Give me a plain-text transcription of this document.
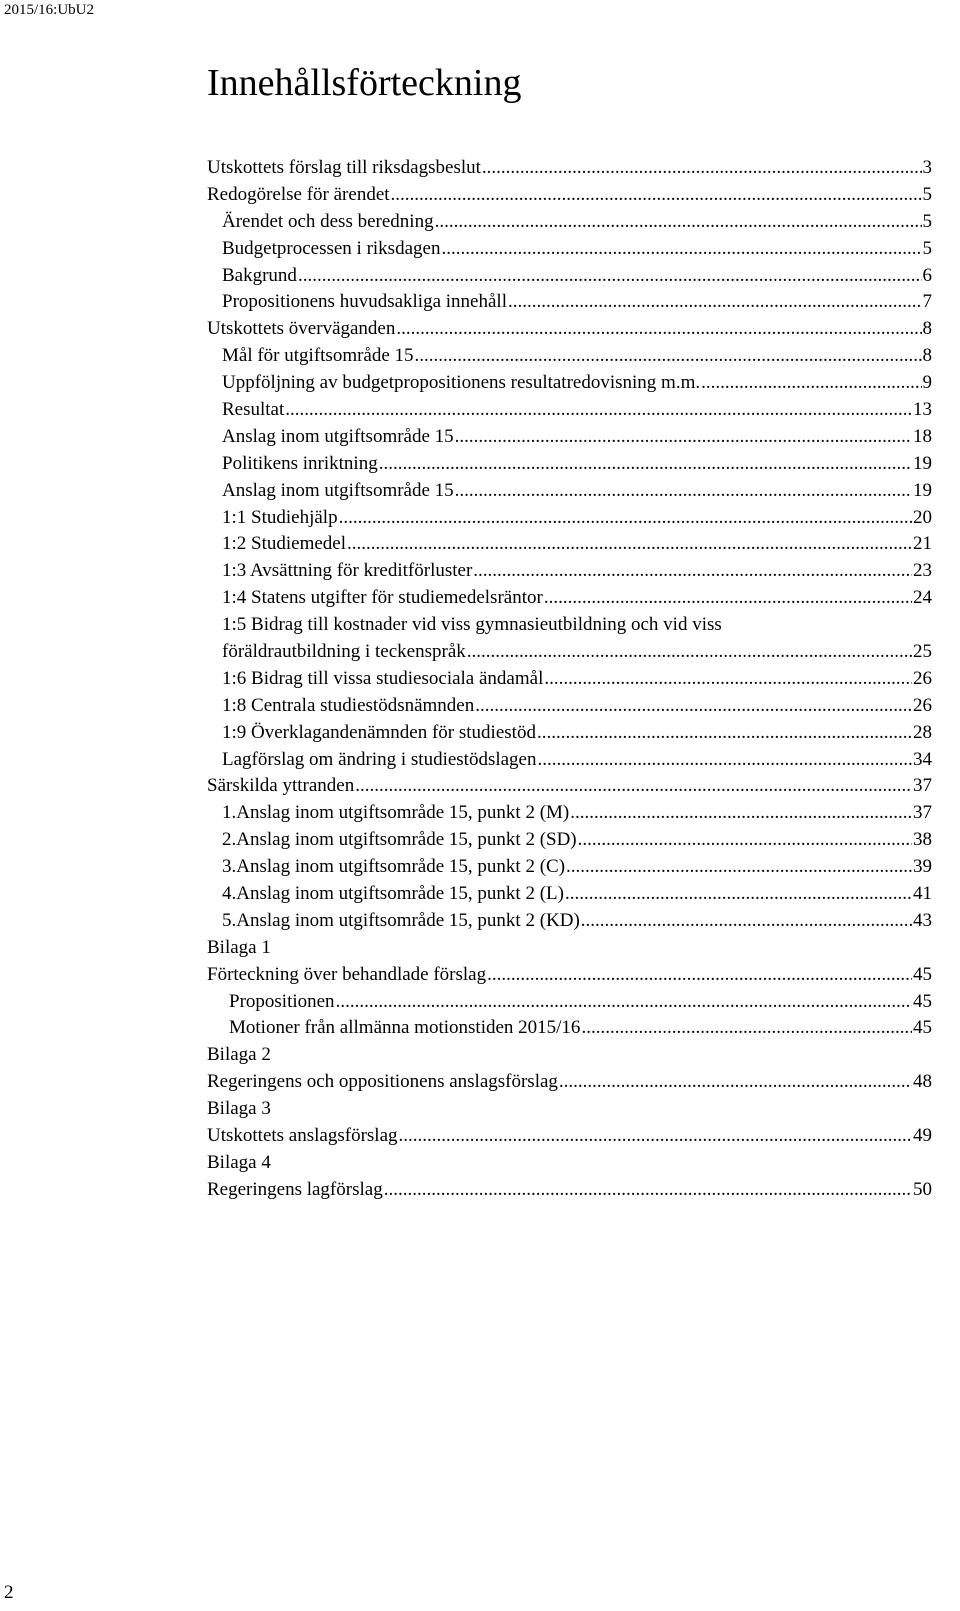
2015/16:UbU2
Innehållsförteckning
Utskottets förslag till riksdagsbeslut .....	3
Redogörelse för ärendet .....	5
Ärendet och dess beredning .....	5
Budgetprocessen i riksdagen .....	5
Bakgrund .....	6
Propositionens huvudsakliga innehåll .....	7
Utskottets överväganden .....	8
Mål för utgiftsområde 15 .....	8
Uppföljning av budgetpropositionens resultatredovisning m.m. .....	9
Resultat .....	13
Anslag inom utgiftsområde 15 .....	18
Politikens inriktning .....	19
Anslag inom utgiftsområde 15 .....	19
1:1 Studiehjälp .....	20
1:2 Studiemedel .....	21
1:3 Avsättning för kreditförluster .....	23
1:4 Statens utgifter för studiemedelsräntor .....	24
1:5 Bidrag till kostnader vid viss gymnasieutbildning och vid viss
föräldrautbildning i teckenspråk .....	25
1:6 Bidrag till vissa studiesociala ändamål .....	26
1:8 Centrala studiestödsnämnden .....	26
1:9 Överklagandenämnden för studiestöd .....	28
Lagförslag om ändring i studiestödslagen .....	34
Särskilda yttranden .....	37
1. Anslag inom utgiftsområde 15, punkt 2 (M) .....	37
2. Anslag inom utgiftsområde 15, punkt 2 (SD) .....	38
3. Anslag inom utgiftsområde 15, punkt 2 (C) .....	39
4. Anslag inom utgiftsområde 15, punkt 2 (L) .....	41
5. Anslag inom utgiftsområde 15, punkt 2 (KD) .....	43
Bilaga 1
Förteckning över behandlade förslag .....	45
Propositionen .....	45
Motioner från allmänna motionstiden 2015/16 .....	45
Bilaga 2
Regeringens och oppositionens anslagsförslag .....	48
Bilaga 3
Utskottets anslagsförslag .....	49
Bilaga 4
Regeringens lagförslag .....	50
2
